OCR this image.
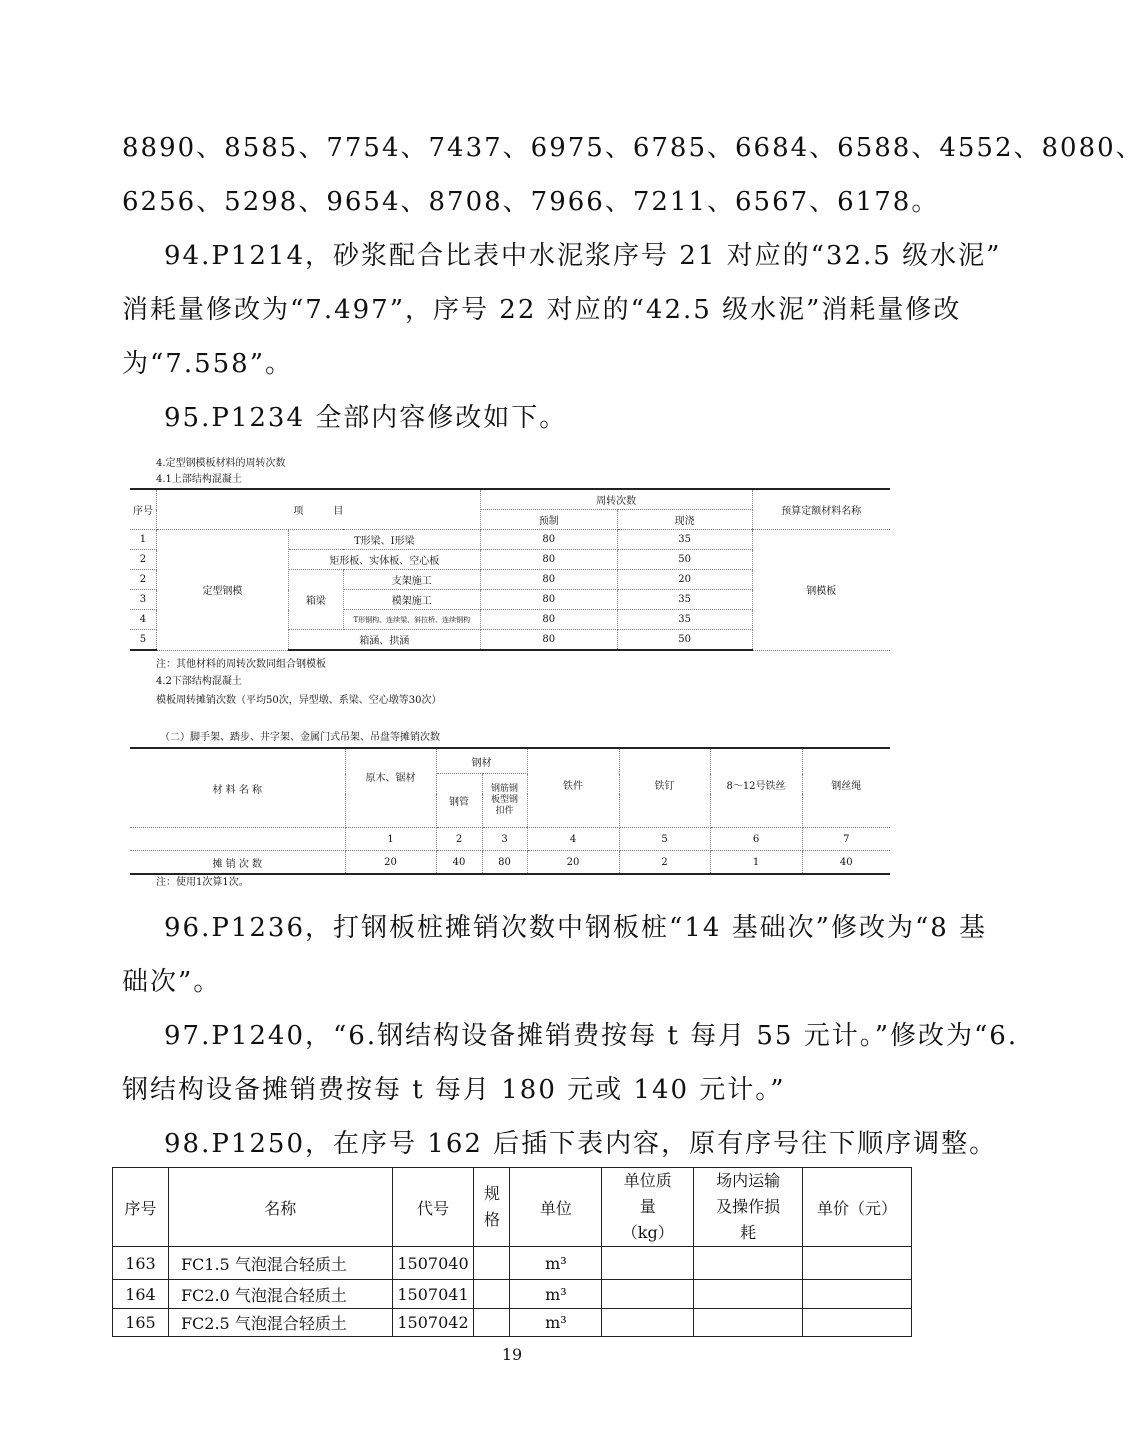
8890、8585、7754、7437、6975、6785、6684、6588、4552、8080、
6256、5298、9654、8708、7966、7211、6567、6178。
94.P1214，砂浆配合比表中水泥浆序号 21 对应的“32.5 级水泥”
消耗量修改为“7.497”，序号 22 对应的“42.5 级水泥”消耗量修改
为“7.558”。
95.P1234 全部内容修改如下。
4.定型钢模板材料的周转次数
4.1上部结构混凝土
序号	项　　　目			周转次数		预算定额材料名称
				预制	现浇	
1	定型钢模	T形梁、I形梁		80	35	钢模板
2		矩形板、实体板、空心板		80	50	
2		箱梁	支架施工	80	20	
3			模架施工	80	35	
4			T形钢构、连续梁、斜拉桥、连续钢构	80	35	
5		箱涵、拱涵		80	50	
注：其他材料的周转次数同组合钢模板
4.2下部结构混凝土
模板周转摊销次数（平均50次，异型墩、系梁、空心墩等30次）
（二）脚手架、踏步、井字架、金属门式吊架、吊盘等摊销次数
材 料 名 称	原木、锯材	钢材		铁件	铁钉	8～12号铁丝	钢丝绳
		钢管	钢筋钢板型钢扣件				

	1	2	3	4	5	6	7
摊 销 次 数	20	40	80	20	2	1	40
注：使用1次算1次。
96.P1236，打钢板桩摊销次数中钢板桩“14 基础次”修改为“8 基
础次”。
97.P1240，“6.钢结构设备摊销费按每 t 每月 55 元计。”修改为“6.
钢结构设备摊销费按每 t 每月 180 元或 140 元计。”
98.P1250，在序号 162 后插下表内容，原有序号往下顺序调整。
序号	名称	代号	规格	单位	单位质量（kg）	场内运输及操作损耗	单价（元）
163	FC1.5 气泡混合轻质土	1507040		m³			
164	FC2.0 气泡混合轻质土	1507041		m³			
165	FC2.5 气泡混合轻质土	1507042		m³			
19
